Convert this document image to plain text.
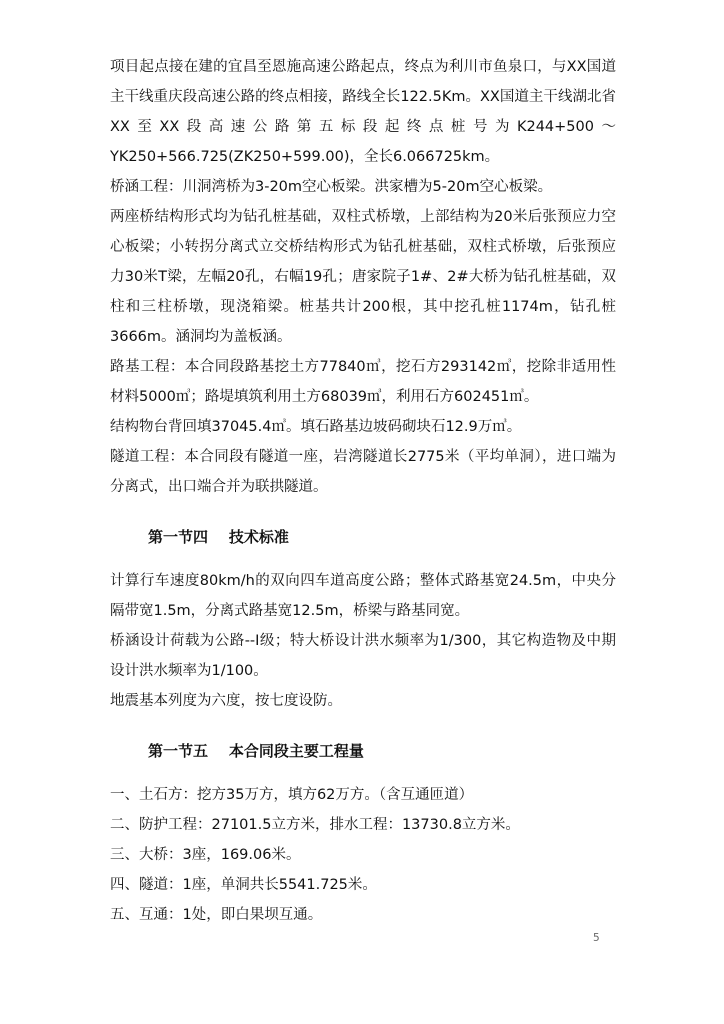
项目起点接在建的宜昌至恩施高速公路起点，终点为利川市鱼泉口，与XX国道主干线重庆段高速公路的终点相接，路线全长122.5Km。XX国道主干线湖北省XX至XX段高速公路第五标段起终点桩号为K244+500～YK250+566.725(ZK250+599.00)，全长6.066725km。

桥涵工程：川洞湾桥为3-20m空心板梁。洪家槽为5-20m空心板梁。

两座桥结构形式均为钻孔桩基础，双柱式桥墩，上部结构为20米后张预应力空心板梁；小转拐分离式立交桥结构形式为钻孔桩基础，双柱式桥墩，后张预应力30米T梁，左幅20孔，右幅19孔；唐家院子1#、2#大桥为钻孔桩基础，双柱和三柱桥墩，现浇箱梁。桩基共计200根，其中挖孔桩1174m，钻孔桩3666m。涵洞均为盖板涵。

路基工程：本合同段路基挖土方77840㎥，挖石方293142㎥，挖除非适用性材料5000㎥；路堤填筑利用土方68039㎥，利用石方602451㎥。

结构物台背回填37045.4㎥。填石路基边坡码砌块石12.9万㎥。

隧道工程：本合同段有隧道一座，岩湾隧道长2775米（平均单洞），进口端为分离式，出口端合并为联拱隧道。

第一节四    技术标准

计算行车速度80km/h的双向四车道高度公路；整体式路基宽24.5m，中央分隔带宽1.5m，分离式路基宽12.5m，桥梁与路基同宽。

桥涵设计荷载为公路--I级；特大桥设计洪水频率为1/300，其它构造物及中期设计洪水频率为1/100。

地震基本列度为六度，按七度设防。

第一节五    本合同段主要工程量

一、土石方：挖方35万方，填方62万方。（含互通匝道）

二、防护工程：27101.5立方米，排水工程：13730.8立方米。

三、大桥：3座，169.06米。

四、隧道：1座，单洞共长5541.725米。

五、互通：1处，即白果坝互通。

5
